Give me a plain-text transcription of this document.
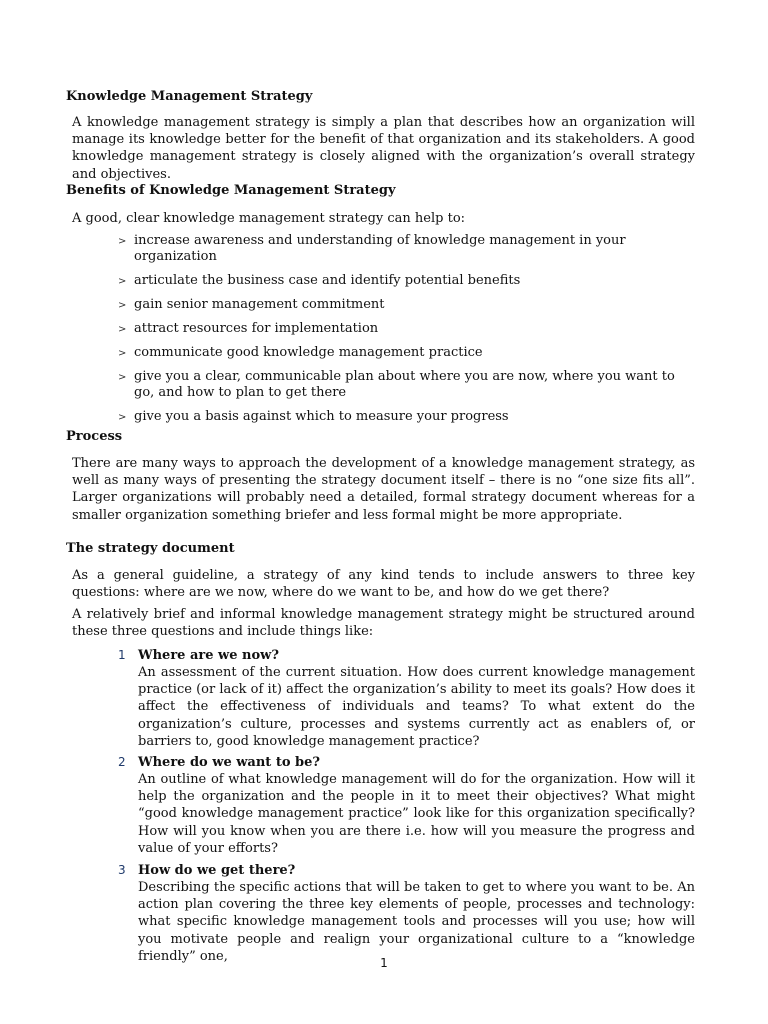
Knowledge Management Strategy
A knowledge management strategy is simply a plan that describes how an organization will manage its knowledge better for the benefit of that organization and its stakeholders. A good knowledge management strategy is closely aligned with the organization’s overall strategy and objectives.
Benefits of Knowledge Management Strategy
A good, clear knowledge management strategy can help to:
> increase awareness and understanding of knowledge management in your organization
> articulate the business case and identify potential benefits
> gain senior management commitment
> attract resources for implementation
> communicate good knowledge management practice
> give you a clear, communicable plan about where you are now, where you want to go, and how to plan to get there
> give you a basis against which to measure your progress
Process
There are many ways to approach the development of a knowledge management strategy, as well as many ways of presenting the strategy document itself – there is no “one size fits all”. Larger organizations will probably need a detailed, formal strategy document whereas for a smaller organization something briefer and less formal might be more appropriate.
The strategy document
As a general guideline, a strategy of any kind tends to include answers to three key questions: where are we now, where do we want to be, and how do we get there?
A relatively brief and informal knowledge management strategy might be structured around these three questions and include things like:
1 Where are we now?
An assessment of the current situation. How does current knowledge management practice (or lack of it) affect the organization’s ability to meet its goals? How does it affect the effectiveness of individuals and teams? To what extent do the organization’s culture, processes and systems currently act as enablers of, or barriers to, good knowledge management practice?
2 Where do we want to be?
An outline of what knowledge management will do for the organization. How will it help the organization and the people in it to meet their objectives? What might “good knowledge management practice” look like for this organization specifically? How will you know when you are there i.e. how will you measure the progress and value of your efforts?
3 How do we get there?
Describing the specific actions that will be taken to get to where you want to be. An action plan covering the three key elements of people, processes and technology: what specific knowledge management tools and processes will you use; how will you motivate people and realign your organizational culture to a “knowledge friendly” one,	1
